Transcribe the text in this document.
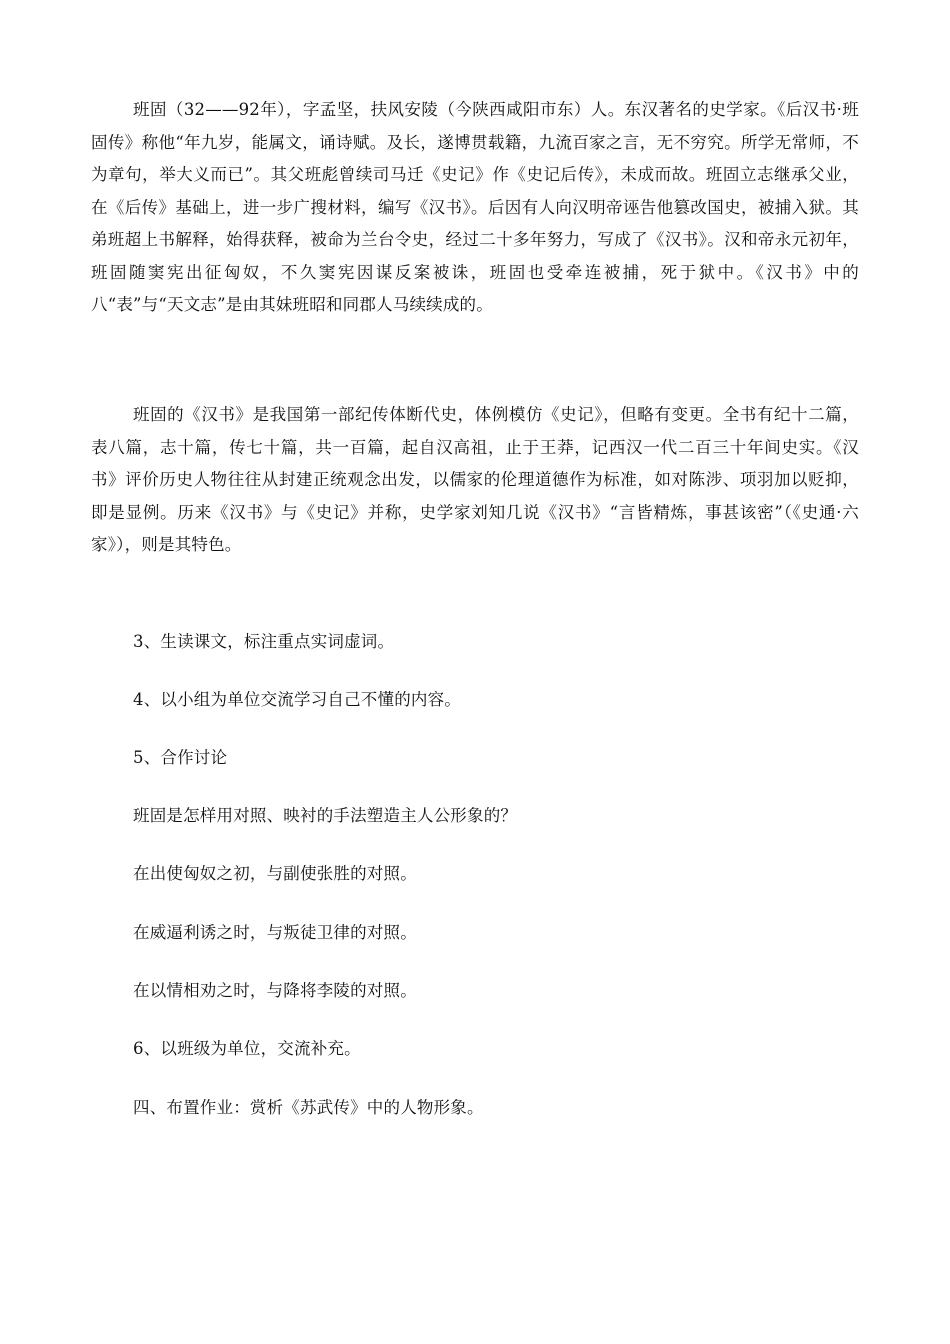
班固（32——92年），字孟坚，扶风安陵（今陕西咸阳市东）人。东汉著名的史学家。《后汉书·班固传》称他“年九岁，能属文，诵诗赋。及长，遂博贯载籍，九流百家之言，无不穷究。所学无常师，不为章句，举大义而已”。其父班彪曾续司马迁《史记》作《史记后传》，未成而故。班固立志继承父业，在《后传》基础上，进一步广搜材料，编写《汉书》。后因有人向汉明帝诬告他篡改国史，被捕入狱。其弟班超上书解释，始得获释，被命为兰台令史，经过二十多年努力，写成了《汉书》。汉和帝永元初年，班固随窦宪出征匈奴，不久窦宪因谋反案被诛，班固也受牵连被捕，死于狱中。《汉书》中的八“表”与“天文志”是由其妹班昭和同郡人马续续成的。

班固的《汉书》是我国第一部纪传体断代史，体例模仿《史记》，但略有变更。全书有纪十二篇，表八篇，志十篇，传七十篇，共一百篇，起自汉高祖，止于王莽，记西汉一代二百三十年间史实。《汉书》评价历史人物往往从封建正统观念出发，以儒家的伦理道德作为标准，如对陈涉、项羽加以贬抑，即是显例。历来《汉书》与《史记》并称，史学家刘知几说《汉书》“言皆精炼，事甚该密”（《史通·六家》），则是其特色。

3、生读课文，标注重点实词虚词。

4、以小组为单位交流学习自己不懂的内容。

5、合作讨论

班固是怎样用对照、映衬的手法塑造主人公形象的？

在出使匈奴之初，与副使张胜的对照。

在威逼利诱之时，与叛徒卫律的对照。

在以情相劝之时，与降将李陵的对照。

6、以班级为单位，交流补充。

四、布置作业：赏析《苏武传》中的人物形象。
